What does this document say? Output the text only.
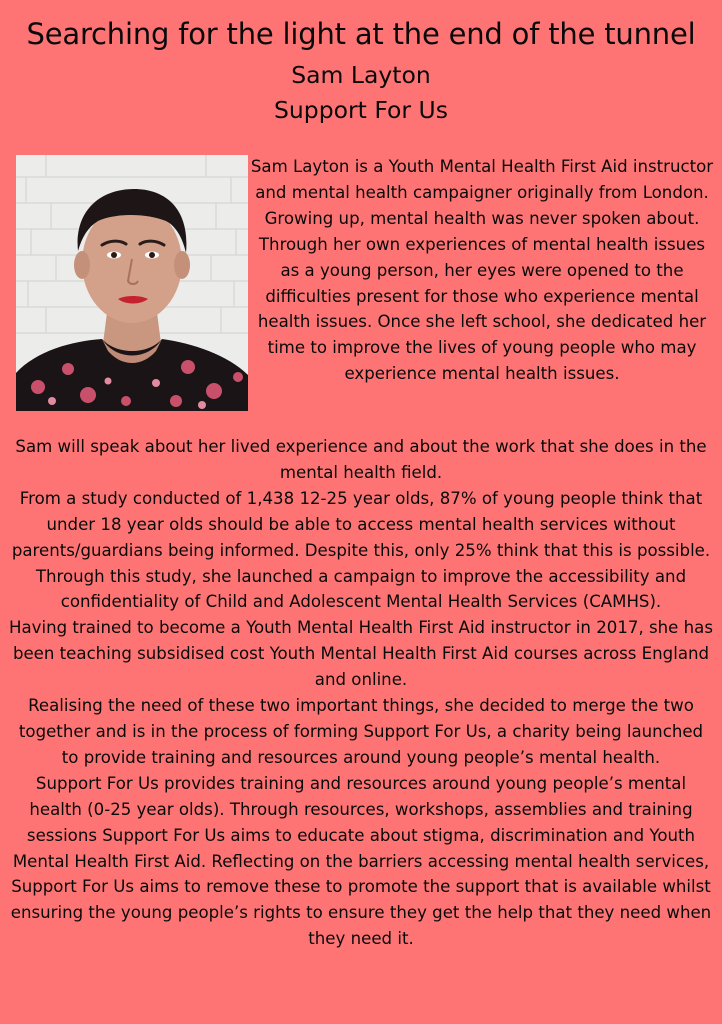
Searching for the light at the end of the tunnel
Sam Layton
Support For Us

Sam Layton is a Youth Mental Health First Aid instructor and mental health campaigner originally from London. Growing up, mental health was never spoken about. Through her own experiences of mental health issues as a young person, her eyes were opened to the difficulties present for those who experience mental health issues. Once she left school, she dedicated her time to improve the lives of young people who may experience mental health issues.

Sam will speak about her lived experience and about the work that she does in the mental health field.

From a study conducted of 1,438 12-25 year olds, 87% of young people think that under 18 year olds should be able to access mental health services without parents/guardians being informed. Despite this, only 25% think that this is possible. Through this study, she launched a campaign to improve the accessibility and confidentiality of Child and Adolescent Mental Health Services (CAMHS).

Having trained to become a Youth Mental Health First Aid instructor in 2017, she has been teaching subsidised cost Youth Mental Health First Aid courses across England and online.

Realising the need of these two important things, she decided to merge the two together and is in the process of forming Support For Us, a charity being launched to provide training and resources around young people’s mental health.

Support For Us provides training and resources around young people’s mental health (0-25 year olds). Through resources, workshops, assemblies and training sessions Support For Us aims to educate about stigma, discrimination and Youth Mental Health First Aid. Reflecting on the barriers accessing mental health services, Support For Us aims to remove these to promote the support that is available whilst ensuring the young people’s rights to ensure they get the help that they need when they need it.
